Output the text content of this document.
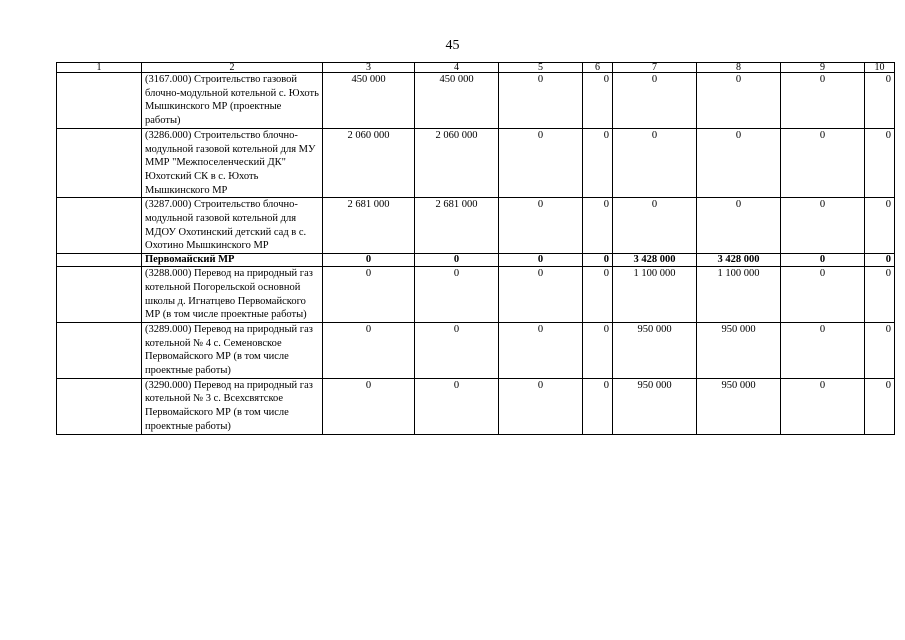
45
1	2	3	4	5	6	7	8	9	10
	(3167.000) Строительство газовой блочно-модульной котельной с. Юхоть Мышкинского МР (проектные работы)	450 000	450 000	0	0	0	0	0	0
	(3286.000) Строительство блочно-модульной газовой котельной для МУ ММР "Межпоселенческий ДК" Юхотский СК в с. Юхоть Мышкинского МР	2 060 000	2 060 000	0	0	0	0	0	0
	(3287.000) Строительство блочно-модульной газовой котельной для МДОУ Охотинский детский сад в с. Охотино Мышкинского МР	2 681 000	2 681 000	0	0	0	0	0	0
	Первомайский МР	0	0	0	0	3 428 000	3 428 000	0	0
	(3288.000) Перевод на природный газ котельной Погорельской основной школы д. Игнатцево Первомайского МР (в том числе проектные работы)	0	0	0	0	1 100 000	1 100 000	0	0
	(3289.000) Перевод на природный газ котельной № 4 с. Семеновское Первомайского МР (в том числе проектные работы)	0	0	0	0	950 000	950 000	0	0
	(3290.000) Перевод на природный газ котельной № 3 с. Всехсвятское Первомайского МР (в том числе проектные работы)	0	0	0	0	950 000	950 000	0	0
